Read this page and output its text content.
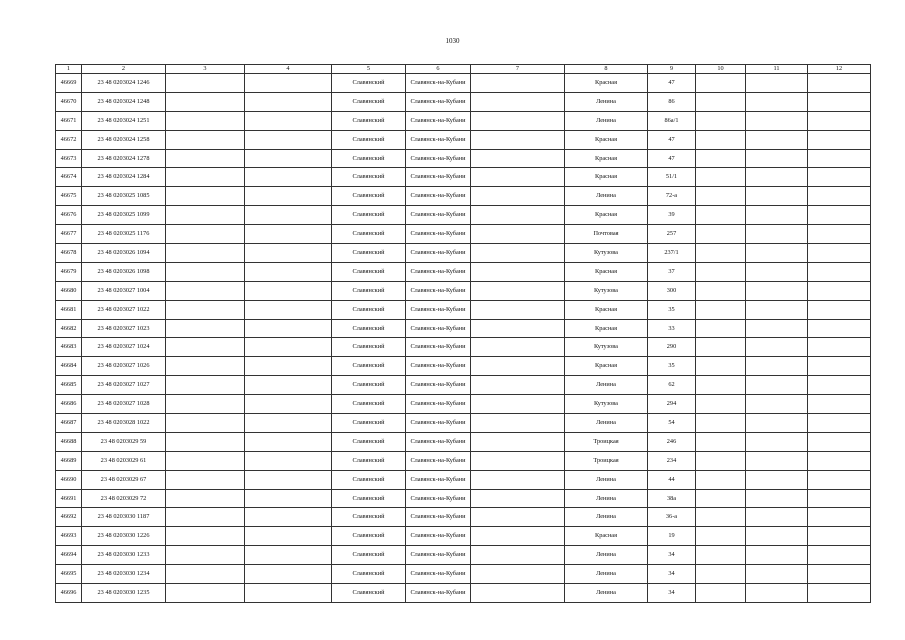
1030
1	2	3	4	5	6	7	8	9	10	11	12
46669	23 48 0203024 1246			Славянский	Славянск-на-Кубани		Красная	47			
46670	23 48 0203024 1248			Славянский	Славянск-на-Кубани		Ленина	86			
46671	23 48 0203024 1251			Славянский	Славянск-на-Кубани		Ленина	86а/1			
46672	23 48 0203024 1258			Славянский	Славянск-на-Кубани		Красная	47			
46673	23 48 0203024 1278			Славянский	Славянск-на-Кубани		Красная	47			
46674	23 48 0203024 1284			Славянский	Славянск-на-Кубани		Красная	51/1			
46675	23 48 0203025 1085			Славянский	Славянск-на-Кубани		Ленина	72-а			
46676	23 48 0203025 1099			Славянский	Славянск-на-Кубани		Красная	39			
46677	23 48 0203025 1176			Славянский	Славянск-на-Кубани		Почтовая	257			
46678	23 48 0203026 1094			Славянский	Славянск-на-Кубани		Кутузова	237/1			
46679	23 48 0203026 1098			Славянский	Славянск-на-Кубани		Красная	37			
46680	23 48 0203027 1004			Славянский	Славянск-на-Кубани		Кутузова	300			
46681	23 48 0203027 1022			Славянский	Славянск-на-Кубани		Красная	35			
46682	23 48 0203027 1023			Славянский	Славянск-на-Кубани		Красная	33			
46683	23 48 0203027 1024			Славянский	Славянск-на-Кубани		Кутузова	290			
46684	23 48 0203027 1026			Славянский	Славянск-на-Кубани		Красная	35			
46685	23 48 0203027 1027			Славянский	Славянск-на-Кубани		Ленина	62			
46686	23 48 0203027 1028			Славянский	Славянск-на-Кубани		Кутузова	294			
46687	23 48 0203028 1022			Славянский	Славянск-на-Кубани		Ленина	54			
46688	23 48 0203029 59			Славянский	Славянск-на-Кубани		Троицкая	246			
46689	23 48 0203029 61			Славянский	Славянск-на-Кубани		Троицкая	234			
46690	23 48 0203029 67			Славянский	Славянск-на-Кубани		Ленина	44			
46691	23 48 0203029 72			Славянский	Славянск-на-Кубани		Ленина	38а			
46692	23 48 0203030 1187			Славянский	Славянск-на-Кубани		Ленина	36-а			
46693	23 48 0203030 1226			Славянский	Славянск-на-Кубани		Красная	19			
46694	23 48 0203030 1233			Славянский	Славянск-на-Кубани		Ленина	34			
46695	23 48 0203030 1234			Славянский	Славянск-на-Кубани		Ленина	34			
46696	23 48 0203030 1235			Славянский	Славянск-на-Кубани		Ленина	34			
